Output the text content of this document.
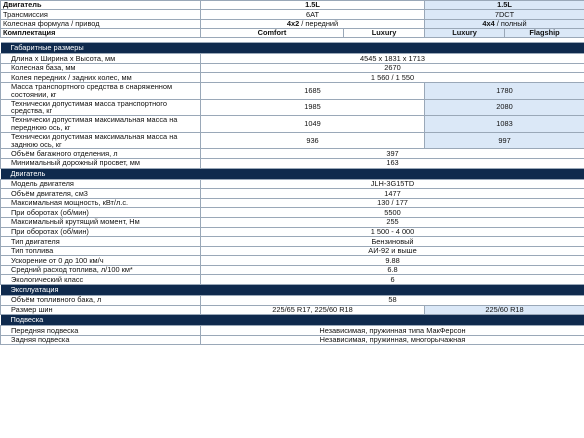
Двигатель	1.5L		1.5L		
Трансмиссия	6AT		7DCT		
Колесная формула / привод	4x2 / передний		4x4 / полный		
Комплектация	Comfort	Luxury	Luxury	Flagship	

Габаритные размеры					
Длина x Ширина x Высота, мм	4545 x 1831 x 1713				
Колесная база, мм	2670				
Колея передних / задних колес, мм	1 560 / 1 550				
Масса транспортного средства в снаряженном состоянии, кг	1685		1780		
Технически допустимая масса транспортного средства, кг	1985		2080		
Технически допустимая максимальная масса на переднюю ось, кг	1049		1083		
Технически допустимая максимальная масса на заднюю ось, кг	936		997		
Объём багажного отделения, л	397				
Минимальный дорожный просвет, мм	163				
Двигатель					
Модель двигателя	JLH-3G15TD				
Объём двигателя, см3	1477				
Максимальная мощность, кВт/л.с.	130 / 177				
При оборотах (об/мин)	5500				
Максимальный крутящий момент, Нм	255				
При оборотах (об/мин)	1 500 - 4 000				
Тип двигателя	Бензиновый				
Тип топлива	АИ-92 и выше				
Ускорение от 0 до 100 км/ч	9.88				
Средний расход топлива, л/100 км*	6.8				
Экологический класс	6				
Эксплуатация					
Объём топливного бака, л	58				
Размер шин	225/65 R17, 225/60 R18		225/60 R18		
Подвеска					
Передняя подвеска	Независимая, пружинная типа МакФерсон				
Задняя подвеска	Независимая, пружинная, многорычажная				
